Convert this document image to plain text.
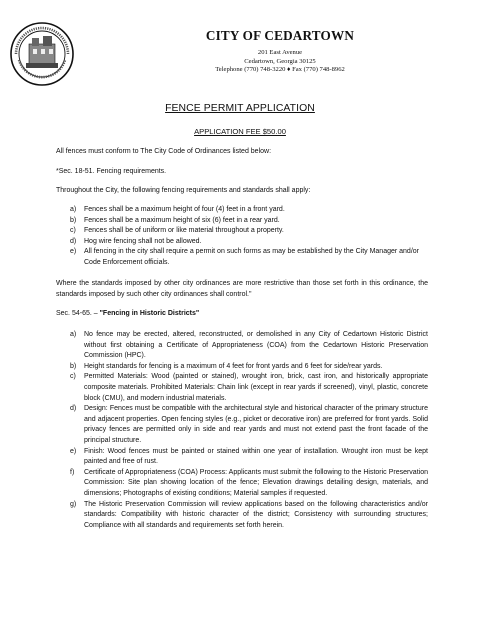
CITY OF CEDARTOWN
201 East Avenue
Cedartown, Georgia 30125
Telephone (770) 748-3220 ♦ Fax (770) 748-8962
FENCE PERMIT APPLICATION
APPLICATION FEE $50.00
All fences must conform to The City Code of Ordinances listed below:
*Sec. 18-51. Fencing requirements.
Throughout the City, the following fencing requirements and standards shall apply:
a) Fences shall be a maximum height of four (4) feet in a front yard.
b) Fences shall be a maximum height of six (6) feet in a rear yard.
c) Fences shall be of uniform or like material throughout a property.
d) Hog wire fencing shall not be allowed.
e) All fencing in the city shall require a permit on such forms as may be established by the City Manager and/or Code Enforcement officials.
Where the standards imposed by other city ordinances are more restrictive than those set forth in this ordinance, the standards imposed by such other city ordinances shall control."
Sec. 54-65. – "Fencing in Historic Districts"
a) No fence may be erected, altered, reconstructed, or demolished in any City of Cedartown Historic District without first obtaining a Certificate of Appropriateness (COA) from the Cedartown Historic Preservation Commission (HPC).
b) Height standards for fencing is a maximum of 4 feet for front yards and 6 feet for side/rear yards.
c) Permitted Materials: Wood (painted or stained), wrought iron, brick, cast iron, and historically appropriate composite materials. Prohibited Materials: Chain link (except in rear yards if screened), vinyl, plastic, concrete block (CMU), and modern industrial materials.
d) Design: Fences must be compatible with the architectural style and historical character of the primary structure and adjacent properties. Open fencing styles (e.g., picket or decorative iron) are preferred for front yards. Solid privacy fences are permitted only in side and rear yards and must not extend past the front facade of the principal structure.
e) Finish: Wood fences must be painted or stained within one year of installation. Wrought iron must be kept painted and free of rust.
f) Certificate of Appropriateness (COA) Process: Applicants must submit the following to the Historic Preservation Commission: Site plan showing location of the fence; Elevation drawings detailing design, materials, and dimensions; Photographs of existing conditions; Material samples if requested.
g) The Historic Preservation Commission will review applications based on the following characteristics and/or standards: Compatibility with historic character of the district; Consistency with surrounding structures; Compliance with all standards and requirements set forth herein.
